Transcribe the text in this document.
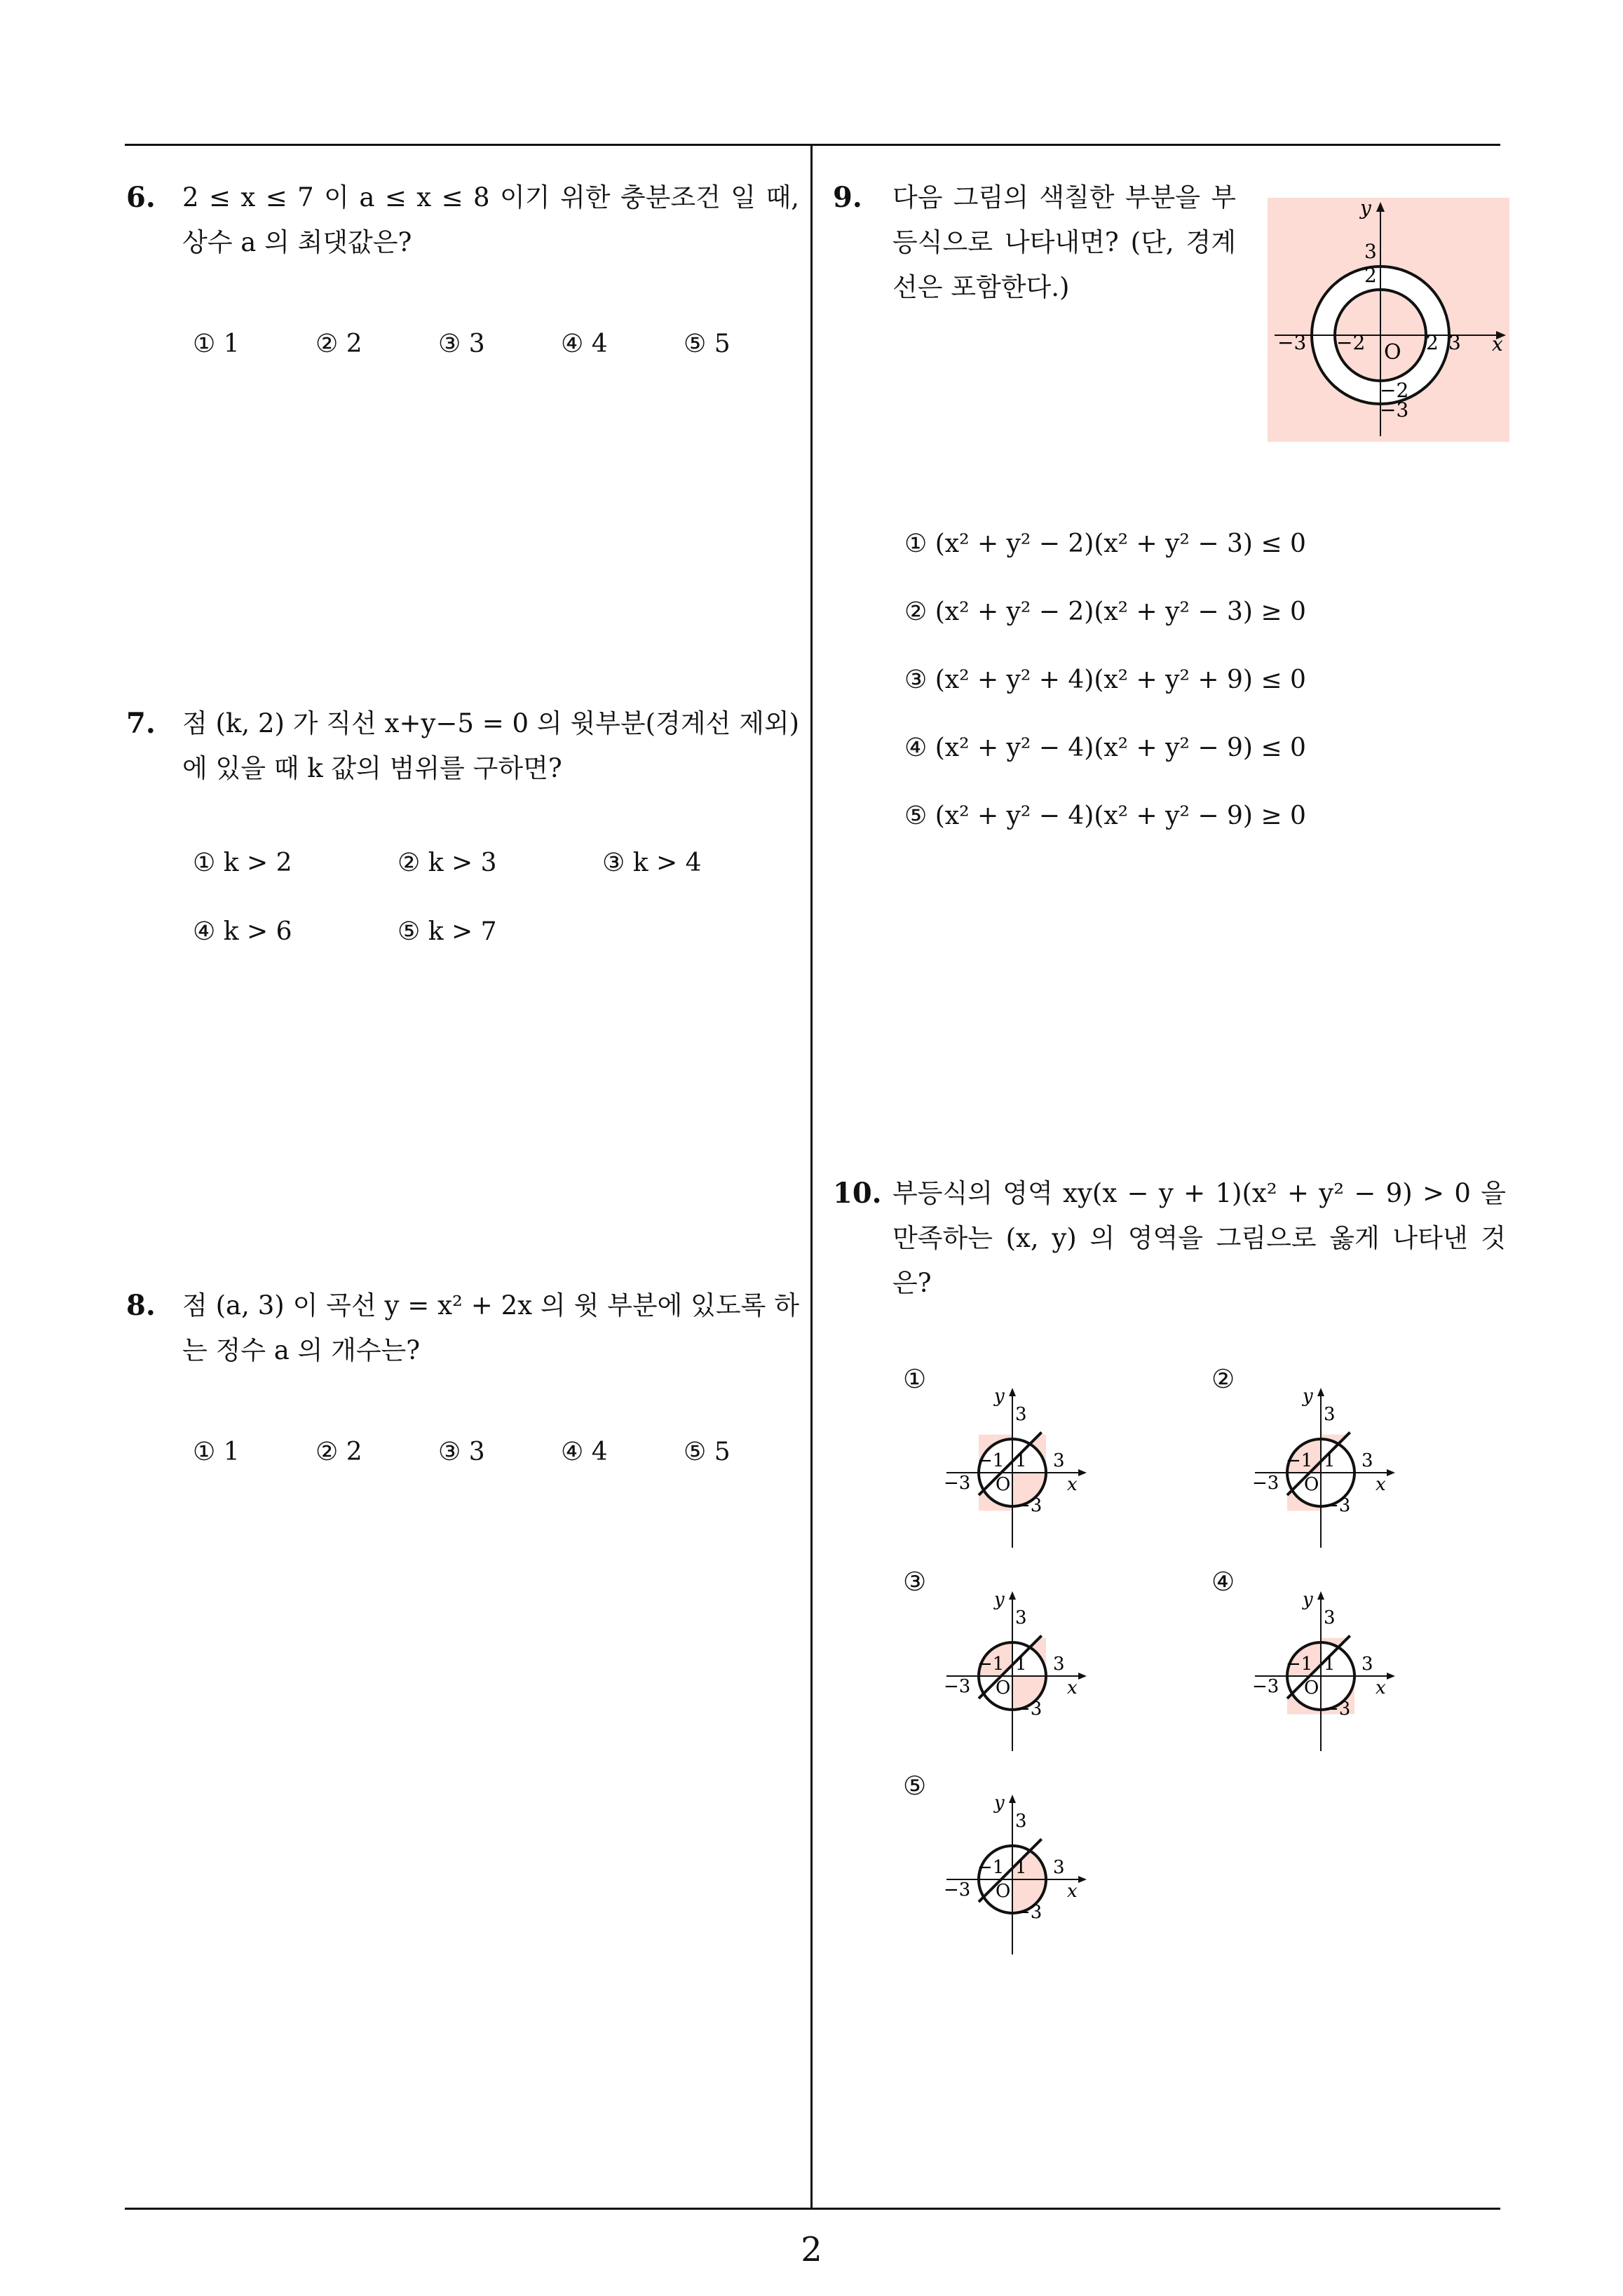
6. 2 ≤ x ≤ 7 이 a ≤ x ≤ 8 이기 위한 충분조건 일 때, 상수 a 의 최댓값은?
① 1	② 2	③ 3	④ 4	⑤ 5
7. 점 (k, 2) 가 직선 x+y−5 = 0 의 윗부분(경계선 제외)에 있을 때 k 값의 범위를 구하면?
① k > 2	② k > 3	③ k > 4
④ k > 6	⑤ k > 7
8. 점 (a, 3) 이 곡선 y = x² + 2x 의 윗 부분에 있도록 하는 정수 a 의 개수는?
① 1	② 2	③ 3	④ 4	⑤ 5
9. 다음 그림의 색칠한 부분을 부등식으로 나타내면? (단, 경계선은 포함한다.)
y
x
O
3
2
−3 −2	2 3
−2
−3
① (x² + y² − 2)(x² + y² − 3) ≤ 0
② (x² + y² − 2)(x² + y² − 3) ≥ 0
③ (x² + y² + 4)(x² + y² + 9) ≤ 0
④ (x² + y² − 4)(x² + y² − 9) ≤ 0
⑤ (x² + y² − 4)(x² + y² − 9) ≥ 0
10. 부등식의 영역 xy(x − y + 1)(x² + y² − 9) > 0 을 만족하는 (x, y) 의 영역을 그림으로 옳게 나타낸 것은?
①	②
③	④
⑤
y
3
−1 1 3
−3 O	x
−3
y
3
−1 1 3
−3 O	x
−3
y
3
−1 1 3
−3 O	x
−3
y
3
−1 1 3
−3 O	x
−3
y
3
−1 1 3
−3 O	x
−3
2
